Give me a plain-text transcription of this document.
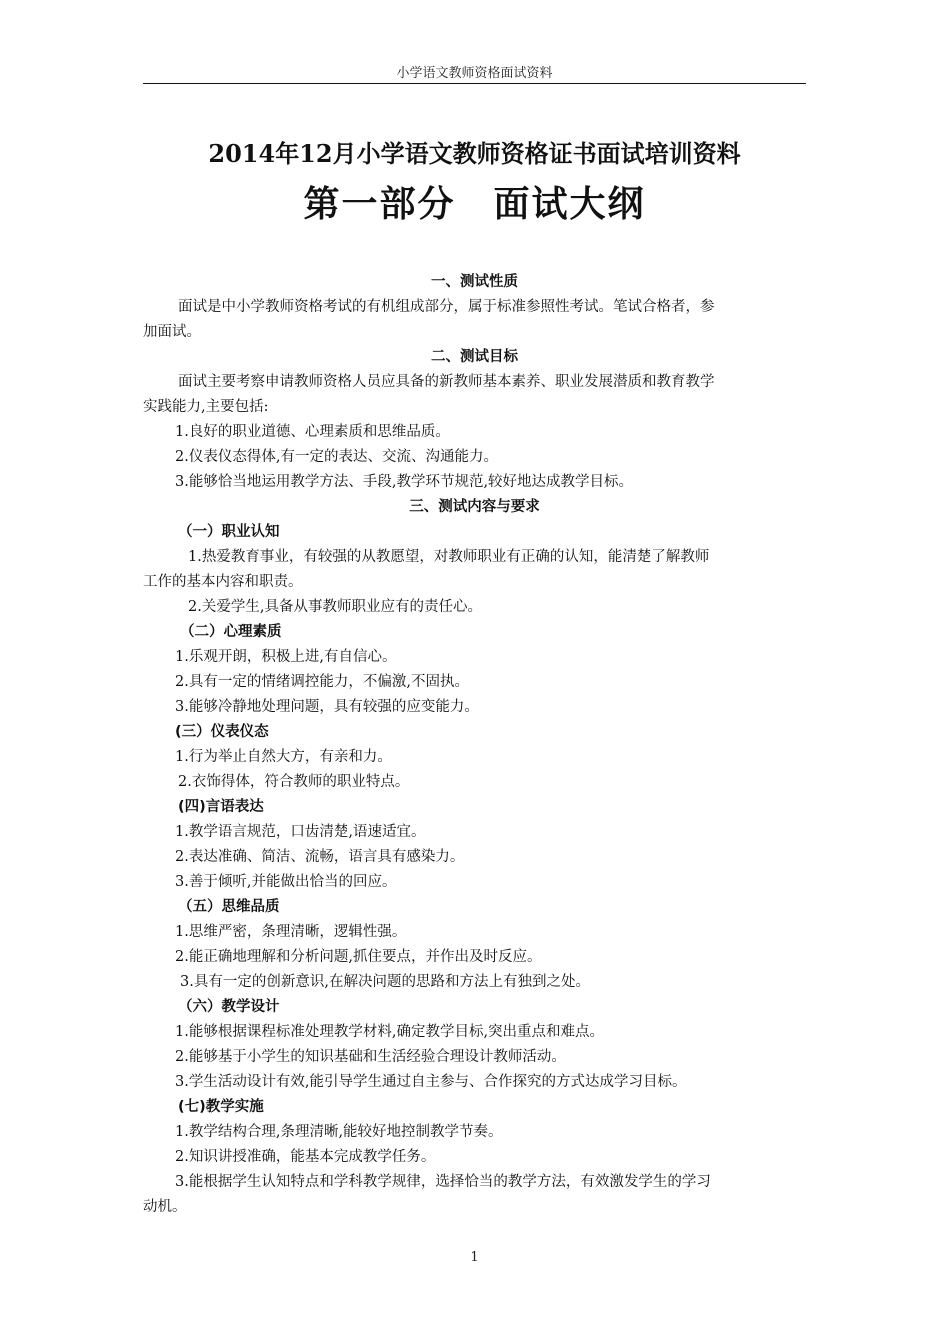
小学语文教师资格面试资料
2014年12月小学语文教师资格证书面试培训资料
第一部分　面试大纲
一、测试性质
面试是中小学教师资格考试的有机组成部分，属于标准参照性考试。笔试合格者，参
加面试。
二、测试目标
面试主要考察申请教师资格人员应具备的新教师基本素养、职业发展潜质和教育教学
实践能力,主要包括:
1.良好的职业道德、心理素质和思维品质。
2.仪表仪态得体,有一定的表达、交流、沟通能力。
3.能够恰当地运用教学方法、手段,教学环节规范,较好地达成教学目标。
三、测试内容与要求
（一）职业认知
1.热爱教育事业，有较强的从教愿望，对教师职业有正确的认知，能清楚了解教师
工作的基本内容和职责。
2.关爱学生,具备从事教师职业应有的责任心。
（二）心理素质
1.乐观开朗，积极上进,有自信心。
2.具有一定的情绪调控能力，不偏激,不固执。
3.能够冷静地处理问题，具有较强的应变能力。
(三）仪表仪态
1.行为举止自然大方，有亲和力。
2.衣饰得体，符合教师的职业特点。
(四)言语表达
1.教学语言规范，口齿清楚,语速适宜。
2.表达准确、简洁、流畅，语言具有感染力。
3.善于倾听,并能做出恰当的回应。
（五）思维品质
1.思维严密，条理清晰，逻辑性强。
2.能正确地理解和分析问题,抓住要点，并作出及时反应。
3.具有一定的创新意识,在解决问题的思路和方法上有独到之处。
（六）教学设计
1.能够根据课程标准处理教学材料,确定教学目标,突出重点和难点。
2.能够基于小学生的知识基础和生活经验合理设计教师活动。
3.学生活动设计有效,能引导学生通过自主参与、合作探究的方式达成学习目标。
(七)教学实施
1.教学结构合理,条理清晰,能较好地控制教学节奏。
2.知识讲授准确，能基本完成教学任务。
3.能根据学生认知特点和学科教学规律，选择恰当的教学方法，有效激发学生的学习
动机。
1
